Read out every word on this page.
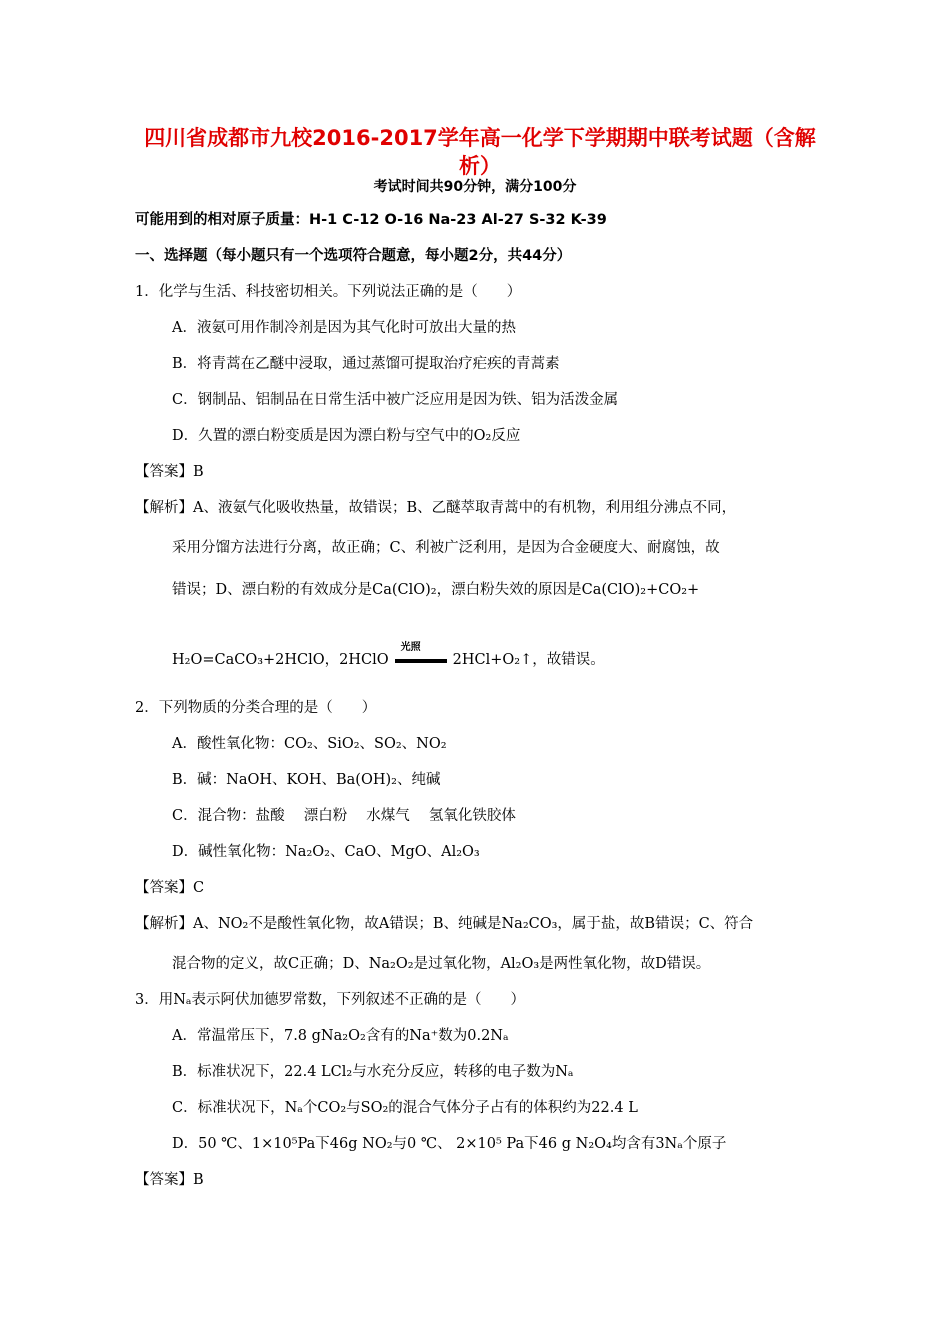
四川省成都市九校2016-2017学年高一化学下学期期中联考试题（含解析）
考试时间共90分钟，满分100分
可能用到的相对原子质量：H-1 C-12 O-16 Na-23 Al-27 S-32 K-39
一、选择题（每小题只有一个选项符合题意，每小题2分，共44分）
1．化学与生活、科技密切相关。下列说法正确的是（　　）
A．液氨可用作制冷剂是因为其气化时可放出大量的热
B．将青蒿在乙醚中浸取，通过蒸馏可提取治疗疟疾的青蒿素
C．钢制品、铝制品在日常生活中被广泛应用是因为铁、铝为活泼金属
D．久置的漂白粉变质是因为漂白粉与空气中的O₂反应
【答案】B
【解析】A、液氨气化吸收热量，故错误；B、乙醚萃取青蒿中的有机物，利用组分沸点不同，
采用分馏方法进行分离，故正确；C、利被广泛利用，是因为合金硬度大、耐腐蚀，故
错误；D、漂白粉的有效成分是Ca(ClO)₂，漂白粉失效的原因是Ca(ClO)₂+CO₂+
H₂O=CaCO₃+2HClO，2HClO
光照
2HCl+O₂↑，故错误。
2．下列物质的分类合理的是（　　）
A．酸性氧化物：CO₂、SiO₂、SO₂、NO₂
B．碱：NaOH、KOH、Ba(OH)₂、纯碱
C．混合物：盐酸　 漂白粉　 水煤气　 氢氧化铁胶体
D．碱性氧化物：Na₂O₂、CaO、MgO、Al₂O₃
【答案】C
【解析】A、NO₂不是酸性氧化物，故A错误；B、纯碱是Na₂CO₃，属于盐，故B错误；C、符合
混合物的定义，故C正确；D、Na₂O₂是过氧化物，Al₂O₃是两性氧化物，故D错误。
3．用Nₐ表示阿伏加德罗常数，下列叙述不正确的是（　　）
A．常温常压下，7.8 gNa₂O₂含有的Na⁺数为0.2Nₐ
B．标准状况下，22.4 LCl₂与水充分反应，转移的电子数为Nₐ
C．标准状况下，Nₐ个CO₂与SO₂的混合气体分子占有的体积约为22.4 L
D．50 ℃、1×10⁵Pa下46g NO₂与0 ℃、 2×10⁵ Pa下46 g N₂O₄均含有3Nₐ个原子
【答案】B
